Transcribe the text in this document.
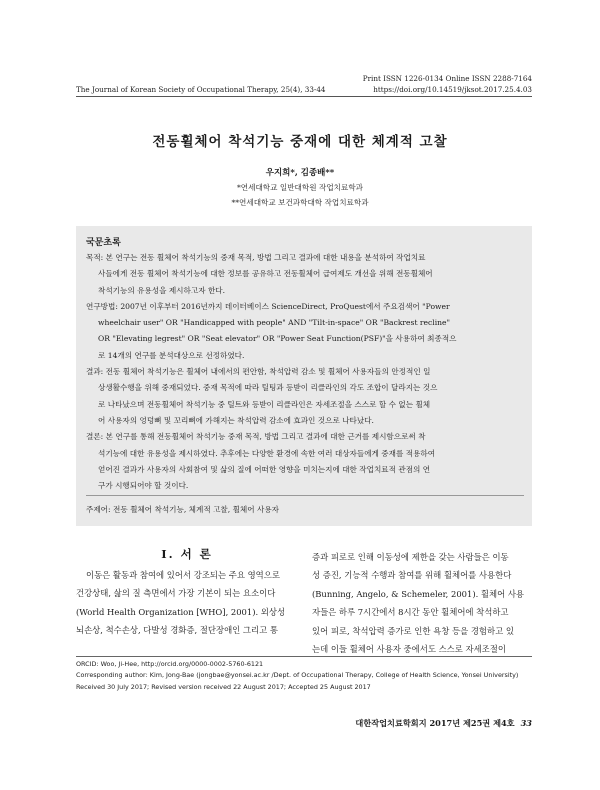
Print ISSN 1226-0134 Online ISSN 2288-7164
The Journal of Korean Society of Occupational Therapy, 25(4), 33-44	https://doi.org/10.14519/jksot.2017.25.4.03
전동휠체어 착석기능 중재에 대한 체계적 고찰
우지희*, 김종배**
*연세대학교 일반대학원 작업치료학과
**연세대학교 보건과학대학 작업치료학과
국문초록
목적: 본 연구는 전동 휠체어 착석기능의 중재 목적, 방법 그리고 결과에 대한 내용을 분석하여 작업치료
사들에게 전동 휠체어 착석기능에 대한 정보를 공유하고 전동휠체어 급여제도 개선을 위해 전동휠체어
착석기능의 유용성을 제시하고자 한다.
연구방법: 2007년 이후부터 2016년까지 데이터베이스 ScienceDirect, ProQuest에서 주요검색어 "Power
wheelchair user" OR "Handicapped with people" AND "Tilt-in-space" OR "Backrest recline"
OR "Elevating legrest" OR "Seat elevator" OR "Power Seat Function(PSF)"을 사용하여 최종적으
로 14개의 연구를 분석대상으로 선정하였다.
결과: 전동 휠체어 착석기능은 휠체어 내에서의 편안함, 착석압력 감소 및 휠체어 사용자들의 안정적인 일
상생활수행을 위해 중재되었다. 중재 목적에 따라 틸팅과 등받이 리클라인의 각도 조합이 달라지는 것으
로 나타났으며 전동휠체어 착석기능 중 틸트와 등받이 리클라인은 자세조절을 스스로 할 수 없는 휠체
어 사용자의 엉덩뼈 및 꼬리뼈에 가해지는 착석압력 감소에 효과인 것으로 나타났다.
결론: 본 연구를 통해 전동휠체어 착석기능 중재 목적, 방법 그리고 결과에 대한 근거를 제시함으로써 착
석기능에 대한 유용성을 제시하였다. 추후에는 다양한 환경에 속한 여러 대상자들에게 중재를 적용하여
얻어진 결과가 사용자의 사회참여 및 삶의 질에 어떠한 영향을 미치는지에 대한 작업치료적 관점의 연
구가 시행되어야 할 것이다.
주제어: 전동 휠체어 착석기능, 체계적 고찰, 휠체어 사용자
Ⅰ. 서 론
이동은 활동과 참여에 있어서 강조되는 주요 영역으로
건강상태, 삶의 질 측면에서 가장 기본이 되는 요소이다
(World Health Organization [WHO], 2001). 외상성
뇌손상, 척수손상, 다발성 경화증, 절단장애인 그리고 통
증과 피로로 인해 이동성에 제한을 갖는 사람들은 이동
성 증진, 기능적 수행과 참여를 위해 휠체어를 사용한다
(Bunning, Angelo, & Schemeler, 2001). 휠체어 사용
자들은 하루 7시간에서 8시간 동안 휠체어에 착석하고
있어 피로, 착석압력 증가로 인한 욕창 등을 경험하고 있
는데 이들 휠체어 사용자 중에서도 스스로 자세조절이
ORCID: Woo, Ji-Hee, http://orcid.org/0000-0002-5760-6121
Corresponding author: Kim, Jong-Bae (jongbae@yonsei.ac.kr /Dept. of Occupational Therapy, College of Health Science, Yonsei University)
Received 30 July 2017; Revised version received 22 August 2017; Accepted 25 August 2017
대한작업치료학회지 2017년 제25권 제4호 33
